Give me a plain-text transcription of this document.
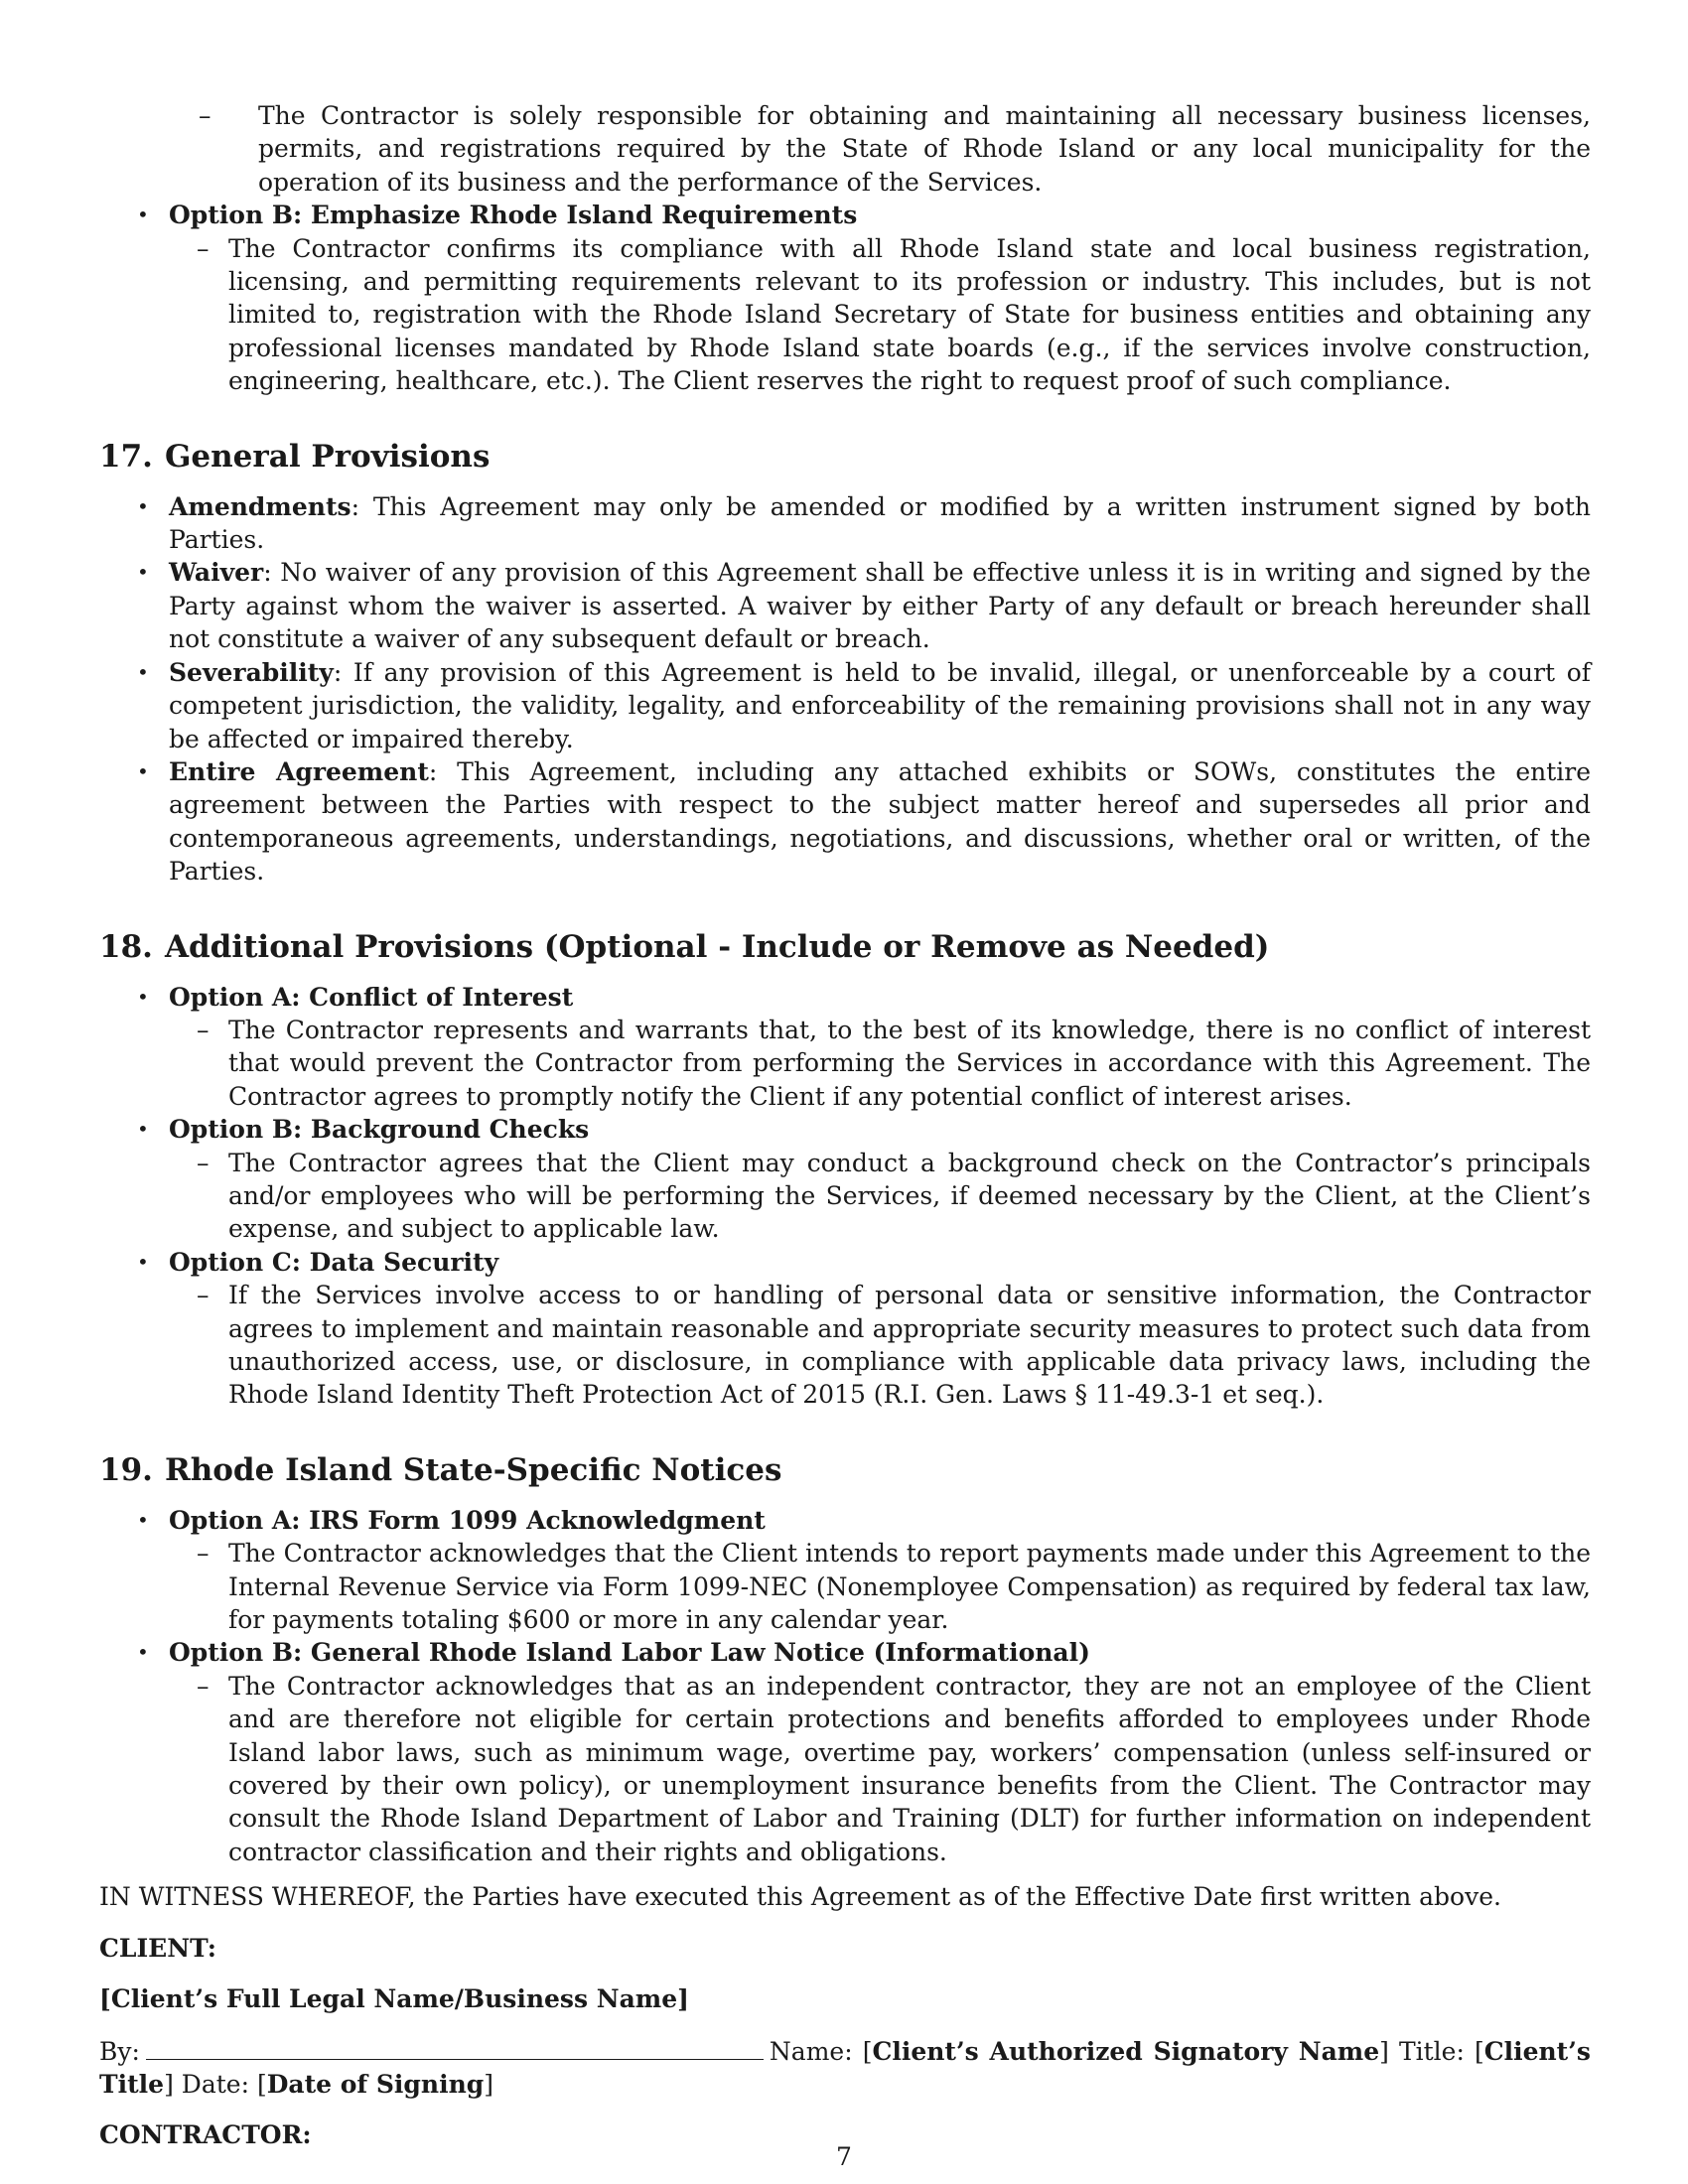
– The Contractor is solely responsible for obtaining and maintaining all necessary business licenses, permits, and registrations required by the State of Rhode Island or any local municipality for the operation of its business and the performance of the Services.
• Option B: Emphasize Rhode Island Requirements
– The Contractor confirms its compliance with all Rhode Island state and local business registration, licensing, and permitting requirements relevant to its profession or industry. This includes, but is not limited to, registration with the Rhode Island Secretary of State for business entities and obtaining any professional licenses mandated by Rhode Island state boards (e.g., if the services involve construction, engineering, healthcare, etc.). The Client reserves the right to request proof of such compliance.
17. General Provisions
• Amendments: This Agreement may only be amended or modified by a written instrument signed by both Parties.
• Waiver: No waiver of any provision of this Agreement shall be effective unless it is in writing and signed by the Party against whom the waiver is asserted. A waiver by either Party of any default or breach hereunder shall not constitute a waiver of any subsequent default or breach.
• Severability: If any provision of this Agreement is held to be invalid, illegal, or unenforceable by a court of competent jurisdiction, the validity, legality, and enforceability of the remaining provisions shall not in any way be affected or impaired thereby.
• Entire Agreement: This Agreement, including any attached exhibits or SOWs, constitutes the entire agreement between the Parties with respect to the subject matter hereof and supersedes all prior and contemporaneous agreements, understandings, negotiations, and discussions, whether oral or written, of the Parties.
18. Additional Provisions (Optional - Include or Remove as Needed)
• Option A: Conflict of Interest
– The Contractor represents and warrants that, to the best of its knowledge, there is no conflict of interest that would prevent the Contractor from performing the Services in accordance with this Agreement. The Contractor agrees to promptly notify the Client if any potential conflict of interest arises.
• Option B: Background Checks
– The Contractor agrees that the Client may conduct a background check on the Contractor’s principals and/or employees who will be performing the Services, if deemed necessary by the Client, at the Client’s expense, and subject to applicable law.
• Option C: Data Security
– If the Services involve access to or handling of personal data or sensitive information, the Contractor agrees to implement and maintain reasonable and appropriate security measures to protect such data from unauthorized access, use, or disclosure, in compliance with applicable data privacy laws, including the Rhode Island Identity Theft Protection Act of 2015 (R.I. Gen. Laws § 11-49.3-1 et seq.).
19. Rhode Island State-Specific Notices
• Option A: IRS Form 1099 Acknowledgment
– The Contractor acknowledges that the Client intends to report payments made under this Agreement to the Internal Revenue Service via Form 1099-NEC (Nonemployee Compensation) as required by federal tax law, for payments totaling $600 or more in any calendar year.
• Option B: General Rhode Island Labor Law Notice (Informational)
– The Contractor acknowledges that as an independent contractor, they are not an employee of the Client and are therefore not eligible for certain protections and benefits afforded to employees under Rhode Island labor laws, such as minimum wage, overtime pay, workers’ compensation (unless self-insured or covered by their own policy), or unemployment insurance benefits from the Client. The Contractor may consult the Rhode Island Department of Labor and Training (DLT) for further information on independent contractor classification and their rights and obligations.

IN WITNESS WHEREOF, the Parties have executed this Agreement as of the Effective Date first written above.

CLIENT:

[Client’s Full Legal Name/Business Name]

By:	Name: [Client’s Authorized Signatory Name] Title: [Client’s Title] Date: [Date of Signing]

CONTRACTOR:

7
